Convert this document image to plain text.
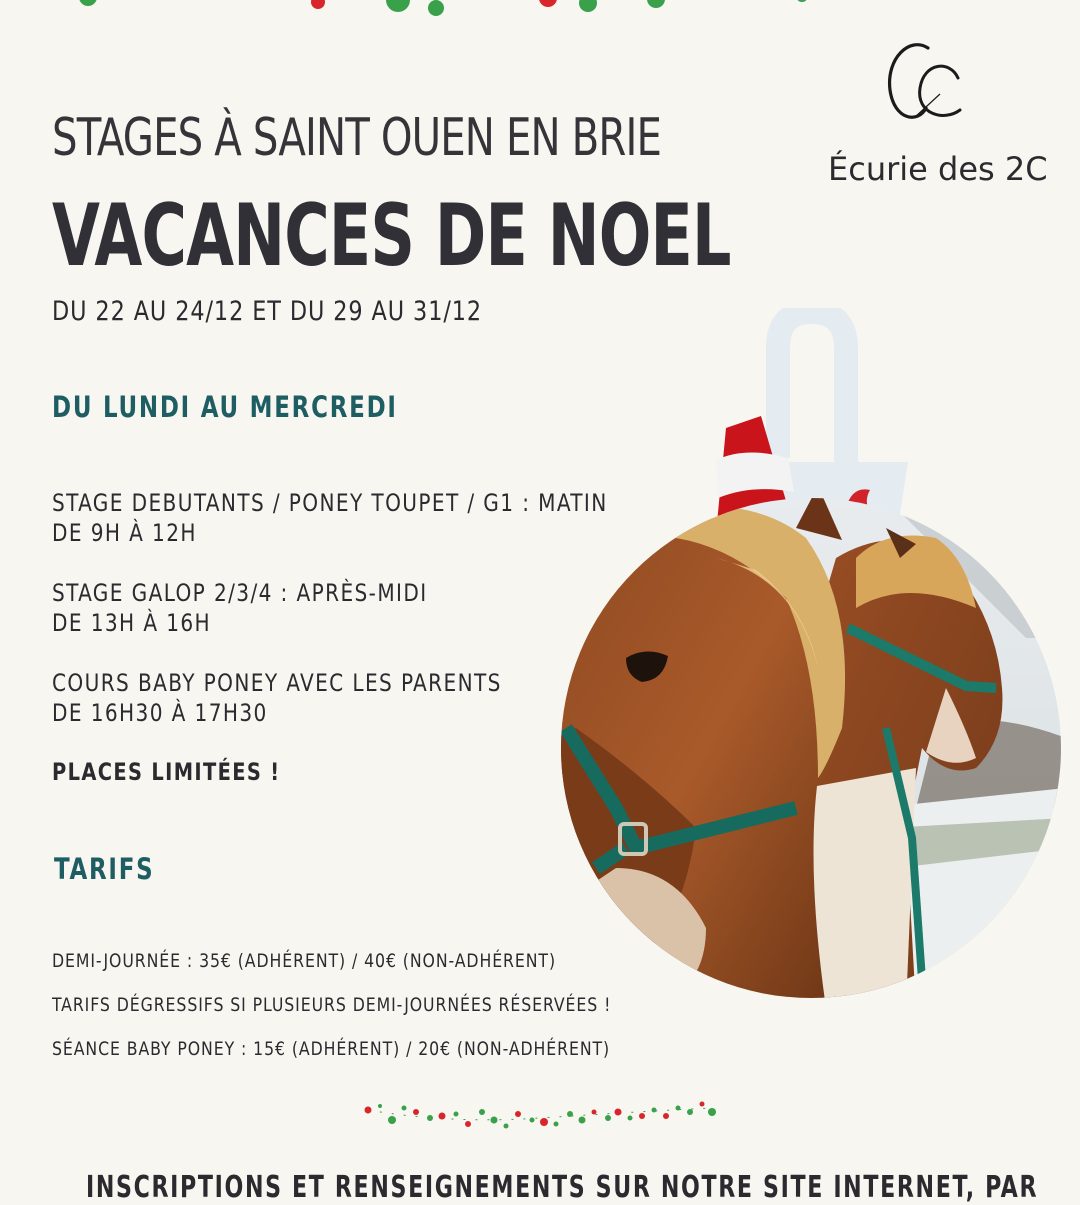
STAGES À SAINT OUEN EN BRIE
VACANCES DE NOEL
DU 22 AU 24/12 ET DU 29 AU 31/12
Écurie des 2C
DU LUNDI AU MERCREDI
STAGE DEBUTANTS / PONEY TOUPET / G1 : MATIN
DE 9H À 12H
STAGE GALOP 2/3/4 : APRÈS-MIDI
DE 13H À 16H
COURS BABY PONEY AVEC LES PARENTS
DE 16H30 À 17H30
PLACES LIMITÉES !
TARIFS
DEMI-JOURNÉE : 35€ (ADHÉRENT) / 40€ (NON-ADHÉRENT)
TARIFS DÉGRESSIFS SI PLUSIEURS DEMI-JOURNÉES RÉSERVÉES !
SÉANCE BABY PONEY : 15€ (ADHÉRENT) / 20€ (NON-ADHÉRENT)
INSCRIPTIONS ET RENSEIGNEMENTS SUR NOTRE SITE INTERNET, PAR
